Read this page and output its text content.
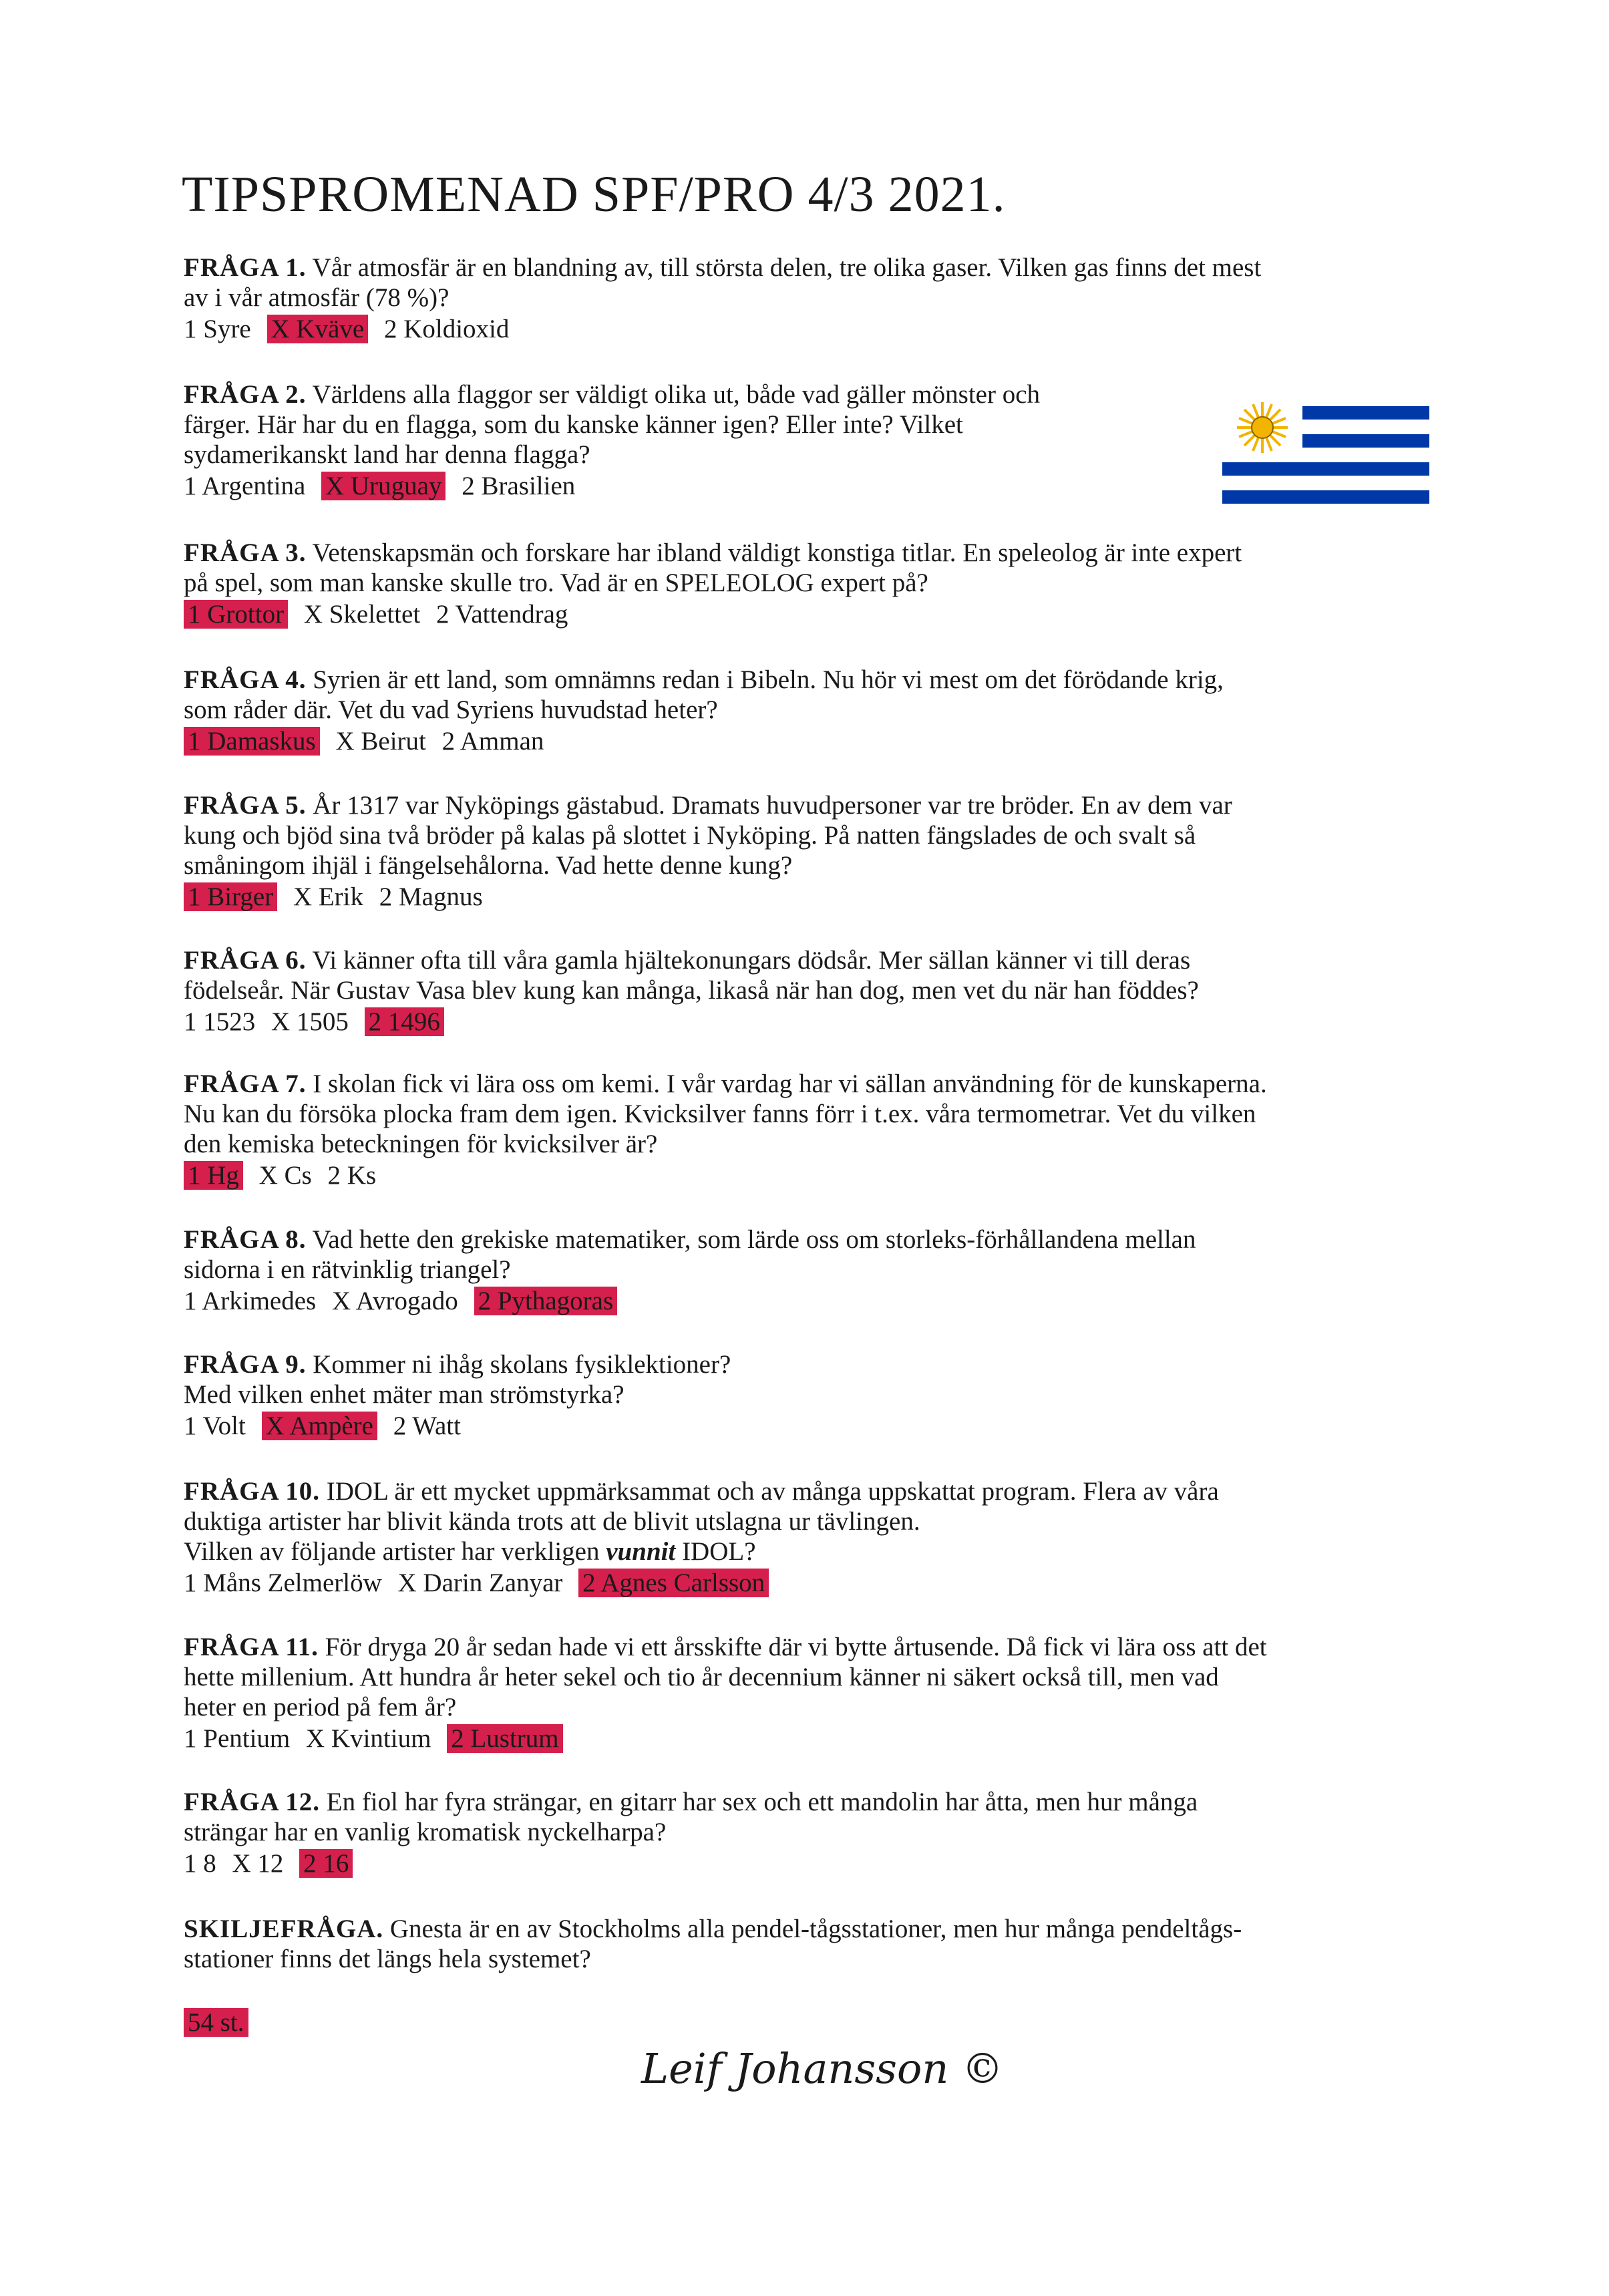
TIPSPROMENAD SPF/PRO 4/3 2021.
FRÅGA 1. Vår atmosfär är en blandning av, till största delen, tre olika gaser. Vilken gas finns det mest
av i vår atmosfär (78 %)?
1 Syre X Kväve 2 Koldioxid
FRÅGA 2. Världens alla flaggor ser väldigt olika ut, både vad gäller mönster och
färger. Här har du en flagga, som du kanske känner igen? Eller inte? Vilket
sydamerikanskt land har denna flagga?
1 Argentina X Uruguay 2 Brasilien
FRÅGA 3. Vetenskapsmän och forskare har ibland väldigt konstiga titlar. En speleolog är inte expert
på spel, som man kanske skulle tro. Vad är en SPELEOLOG expert på?
1 Grottor X Skelettet 2 Vattendrag
FRÅGA 4. Syrien är ett land, som omnämns redan i Bibeln. Nu hör vi mest om det förödande krig,
som råder där. Vet du vad Syriens huvudstad heter?
1 Damaskus X Beirut 2 Amman
FRÅGA 5. År 1317 var Nyköpings gästabud. Dramats huvudpersoner var tre bröder. En av dem var
kung och bjöd sina två bröder på kalas på slottet i Nyköping. På natten fängslades de och svalt så
småningom ihjäl i fängelsehålorna. Vad hette denne kung?
1 Birger X Erik 2 Magnus
FRÅGA 6. Vi känner ofta till våra gamla hjältekonungars dödsår. Mer sällan känner vi till deras
födelseår. När Gustav Vasa blev kung kan många, likaså när han dog, men vet du när han föddes?
1 1523 X 1505 2 1496
FRÅGA 7. I skolan fick vi lära oss om kemi. I vår vardag har vi sällan användning för de kunskaperna.
Nu kan du försöka plocka fram dem igen. Kvicksilver fanns förr i t.ex. våra termometrar. Vet du vilken
den kemiska beteckningen för kvicksilver är?
1 Hg X Cs 2 Ks
FRÅGA 8. Vad hette den grekiske matematiker, som lärde oss om storleks-förhållandena mellan
sidorna i en rätvinklig triangel?
1 Arkimedes X Avrogado 2 Pythagoras
FRÅGA 9. Kommer ni ihåg skolans fysiklektioner?
Med vilken enhet mäter man strömstyrka?
1 Volt X Ampère 2 Watt
FRÅGA 10. IDOL är ett mycket uppmärksammat och av många uppskattat program. Flera av våra
duktiga artister har blivit kända trots att de blivit utslagna ur tävlingen.
Vilken av följande artister har verkligen vunnit IDOL?
1 Måns Zelmerlöw X Darin Zanyar 2 Agnes Carlsson
FRÅGA 11. För dryga 20 år sedan hade vi ett årsskifte där vi bytte årtusende. Då fick vi lära oss att det
hette millenium. Att hundra år heter sekel och tio år decennium känner ni säkert också till, men vad
heter en period på fem år?
1 Pentium X Kvintium 2 Lustrum
FRÅGA 12. En fiol har fyra strängar, en gitarr har sex och ett mandolin har åtta, men hur många
strängar har en vanlig kromatisk nyckelharpa?
1 8 X 12 2 16
SKILJEFRÅGA. Gnesta är en av Stockholms alla pendel-tågsstationer, men hur många pendeltågs-
stationer finns det längs hela systemet?
54 st.
Leif Johansson ©
